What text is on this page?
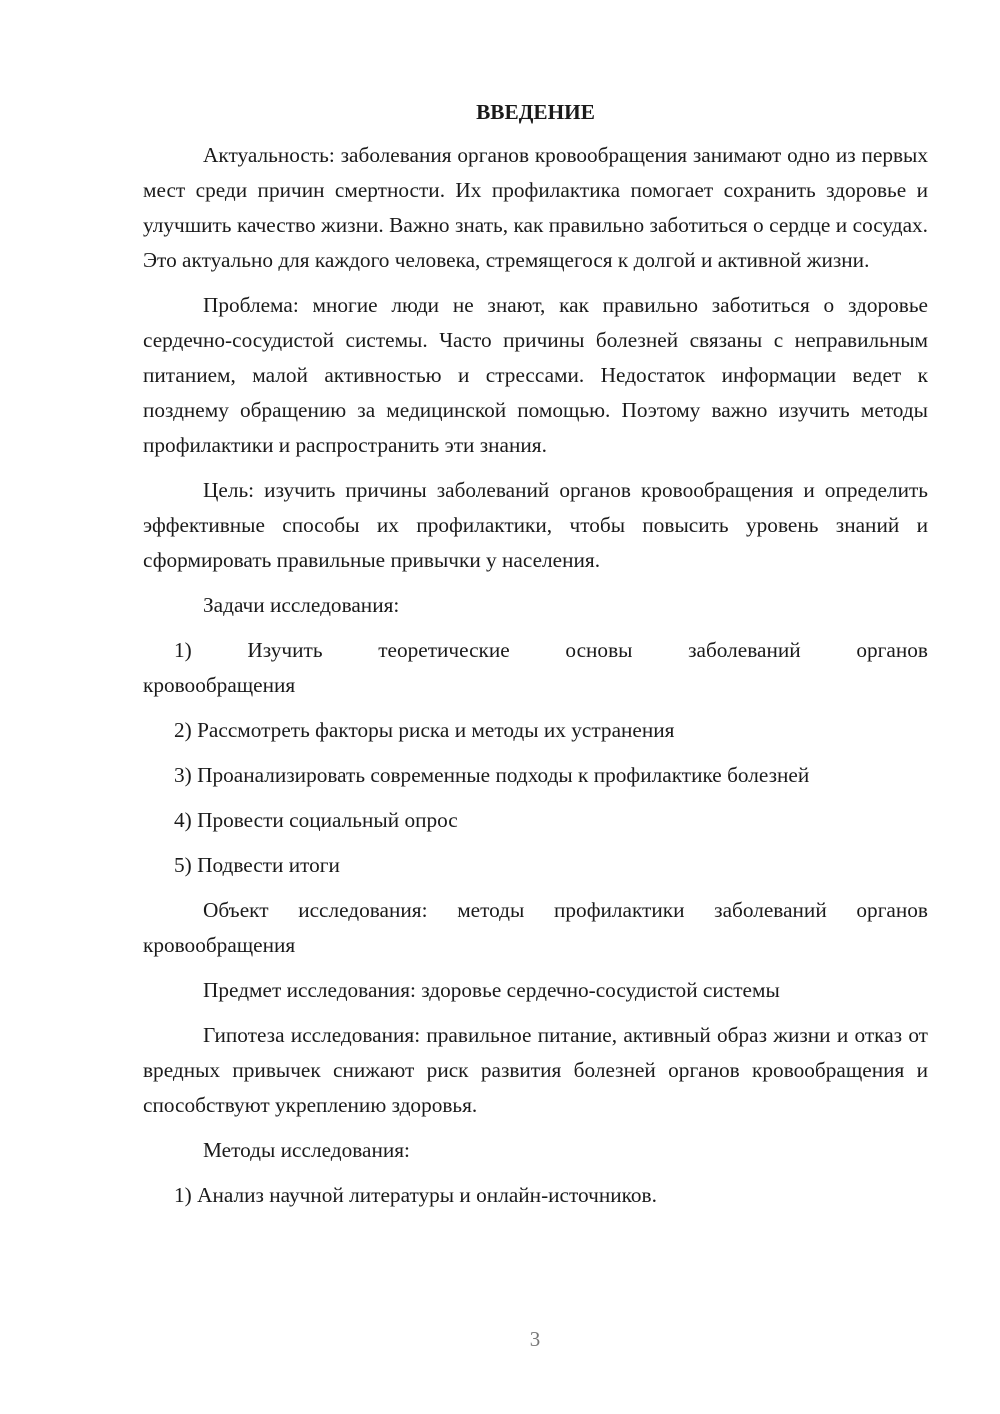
ВВЕДЕНИЕ
Актуальность: заболевания органов кровообращения занимают одно из первых мест среди причин смертности. Их профилактика помогает сохранить здоровье и улучшить качество жизни. Важно знать, как правильно заботиться о сердце и сосудах. Это актуально для каждого человека, стремящегося к долгой и активной жизни.
Проблема: многие люди не знают, как правильно заботиться о здоровье сердечно-сосудистой системы. Часто причины болезней связаны с неправильным питанием, малой активностью и стрессами. Недостаток информации ведет к позднему обращению за медицинской помощью. Поэтому важно изучить методы профилактики и распространить эти знания.
Цель: изучить причины заболеваний органов кровообращения и определить эффективные способы их профилактики, чтобы повысить уровень знаний и сформировать правильные привычки у населения.
Задачи исследования:
1)	Изучить	теоретические	основы	заболеваний	органов
кровообращения
2) Рассмотреть факторы риска и методы их устранения
3) Проанализировать современные подходы к профилактике болезней
4) Провести социальный опрос
5) Подвести итоги
Объект исследования: методы профилактики заболеваний органов кровообращения
Предмет исследования: здоровье сердечно-сосудистой системы
Гипотеза исследования: правильное питание, активный образ жизни и отказ от вредных привычек снижают риск развития болезней органов кровообращения и способствуют укреплению здоровья.
Методы исследования:
1) Анализ научной литературы и онлайн-источников.
3
